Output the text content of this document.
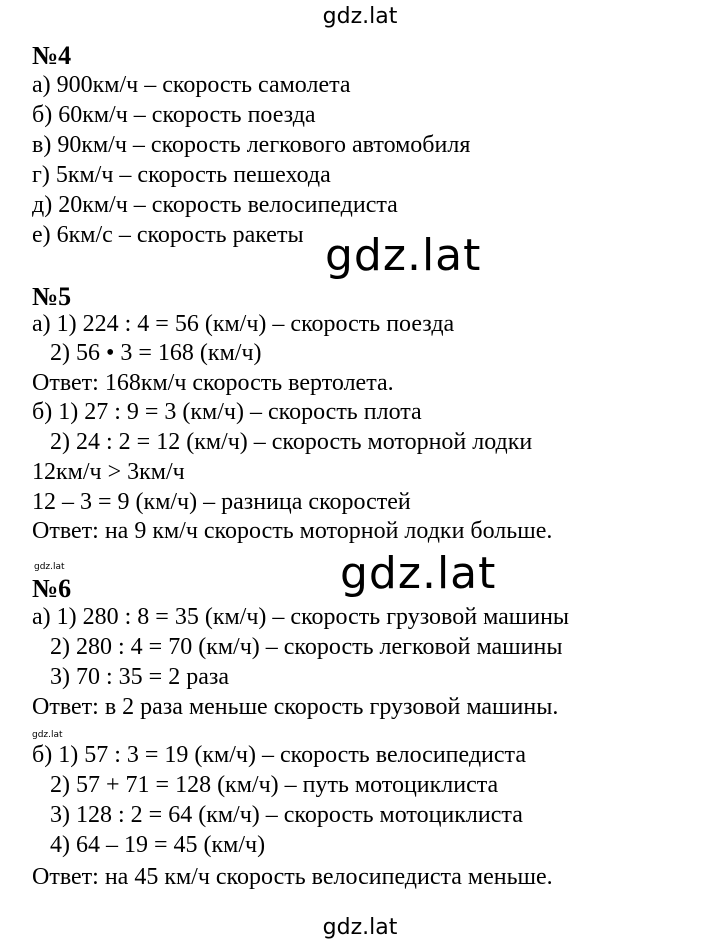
gdz.lat
gdz.lat
gdz.lat
gdz.lat
gdz.lat
gdz.lat
№4
а) 900км/ч – скорость самолета
б) 60км/ч – скорость поезда
в) 90км/ч – скорость легкового автомобиля
г) 5км/ч – скорость пешехода
д) 20км/ч – скорость велосипедиста
е) 6км/с – скорость ракеты
№5
а) 1) 224 : 4 = 56 (км/ч) – скорость поезда
2) 56 • 3 = 168 (км/ч)
Ответ: 168км/ч скорость вертолета.
б) 1) 27 : 9 = 3 (км/ч) – скорость плота
2) 24 : 2 = 12 (км/ч) – скорость моторной лодки
12км/ч > 3км/ч
12 – 3 = 9 (км/ч) – разница скоростей
Ответ: на 9 км/ч скорость моторной лодки больше.
№6
а) 1) 280 : 8 = 35 (км/ч) – скорость грузовой машины
2) 280 : 4 = 70 (км/ч) – скорость легковой машины
3) 70 : 35 = 2 раза
Ответ: в 2 раза меньше скорость грузовой машины.
б) 1) 57 : 3 = 19 (км/ч) – скорость велосипедиста
2) 57 + 71 = 128 (км/ч) – путь мотоциклиста
3) 128 : 2 = 64 (км/ч) – скорость мотоциклиста
4) 64 – 19 = 45 (км/ч)
Ответ: на 45 км/ч скорость велосипедиста меньше.
